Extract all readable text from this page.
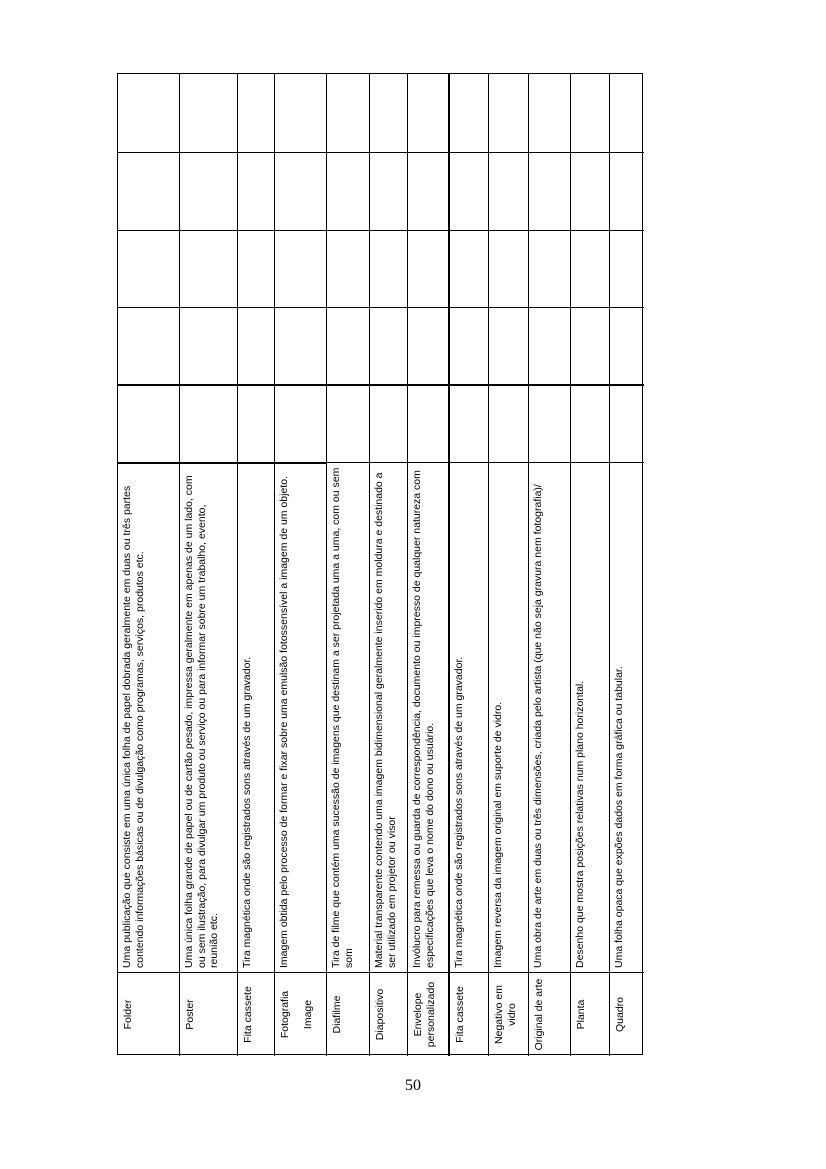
Folder
Uma publicação que consiste em uma única folha de papel dobrada geralmente em duas ou três partes contendo informações básicas ou de divulgação como programas, serviços, produtos etc.
Poster
Uma única folha grande de papel ou de cartão pesado, impressa geralmente em apenas de um lado, com ou sem ilustração, para divulgar um produto ou serviço ou para informar sobre um trabalho, evento, reunião etc.
Fita cassete
Tira magnética onde são registrados sons através de um gravador.
Fotografia Image
Imagem obtida pelo processo de formar e fixar sobre uma emulsão fotossensível a imagem de um objeto.
Diafilme
Tira de filme que contém uma sucessão de imagens que destinam a ser projetada uma a uma, com ou sem som
Diapositivo
Material transparente contendo uma imagem bidimensional geralmente inserido em moldura e destinado a ser utilizado em projetor ou visor
Envelope personalizado
Invólucro para remessa ou guarda de correspondência, documento ou impresso de qualquer natureza com especificações que leva o nome do dono ou usuário.
Fita cassete
Tira magnética onde são registrados sons através de um gravador.
Negativo em vidro
Imagem reversa da imagem original em suporte de vidro.
Original de arte
Uma obra de arte em duas ou três dimensões, criada pelo artista (que não seja gravura nem fotografia)/
Planta
Desenho que mostra posições relativas num plano horizontal.
Quadro
Uma folha opaca que expões dados em forma gráfica ou tabular.
50
